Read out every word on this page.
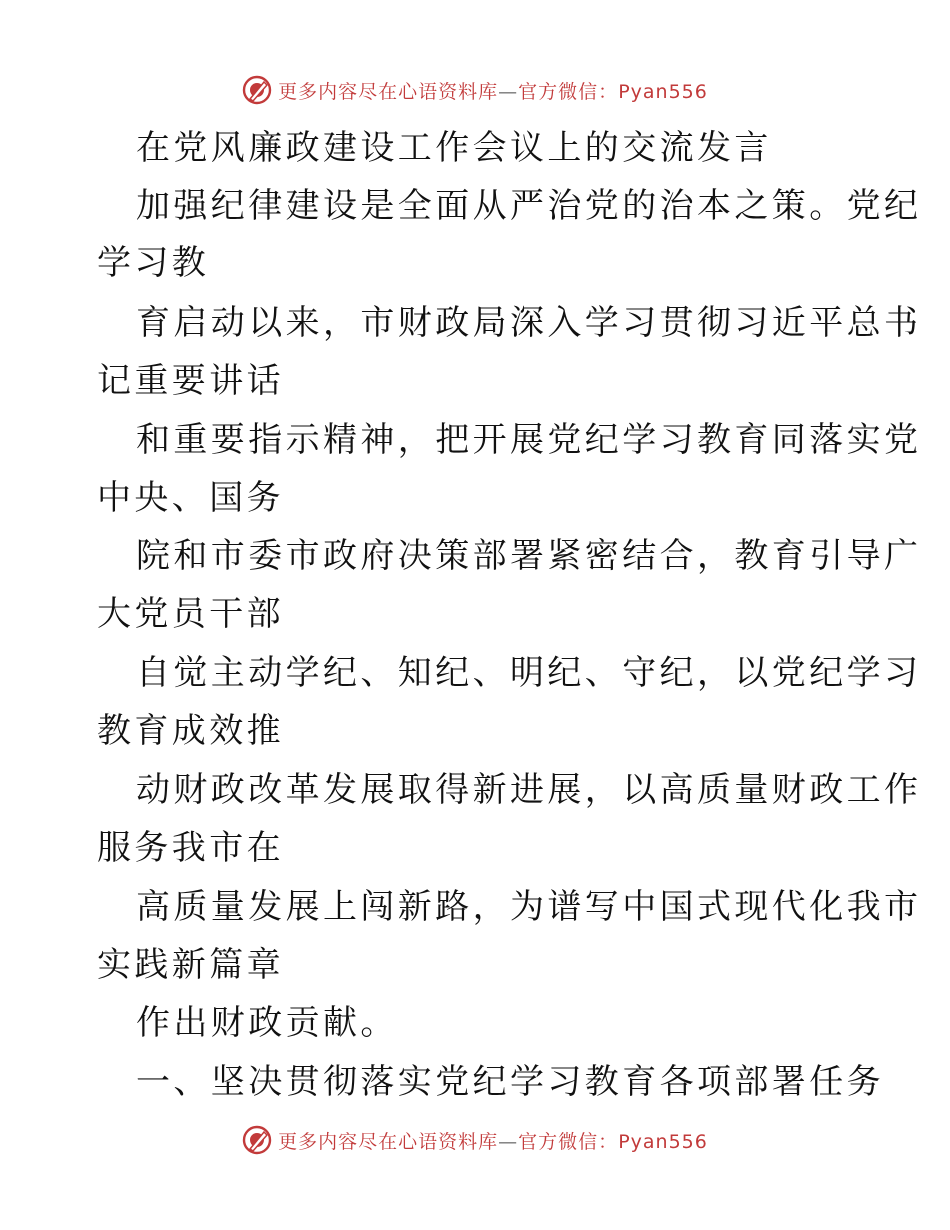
更多内容尽在心语资料库—官方微信：Pyan556
在党风廉政建设工作会议上的交流发言
加强纪律建设是全面从严治党的治本之策。党纪
学习教
育启动以来，市财政局深入学习贯彻习近平总书
记重要讲话
和重要指示精神，把开展党纪学习教育同落实党
中央、国务
院和市委市政府决策部署紧密结合，教育引导广
大党员干部
自觉主动学纪、知纪、明纪、守纪，以党纪学习
教育成效推
动财政改革发展取得新进展，以高质量财政工作
服务我市在
高质量发展上闯新路，为谱写中国式现代化我市
实践新篇章
作出财政贡献。
一、坚决贯彻落实党纪学习教育各项部署任务
更多内容尽在心语资料库—官方微信：Pyan556
